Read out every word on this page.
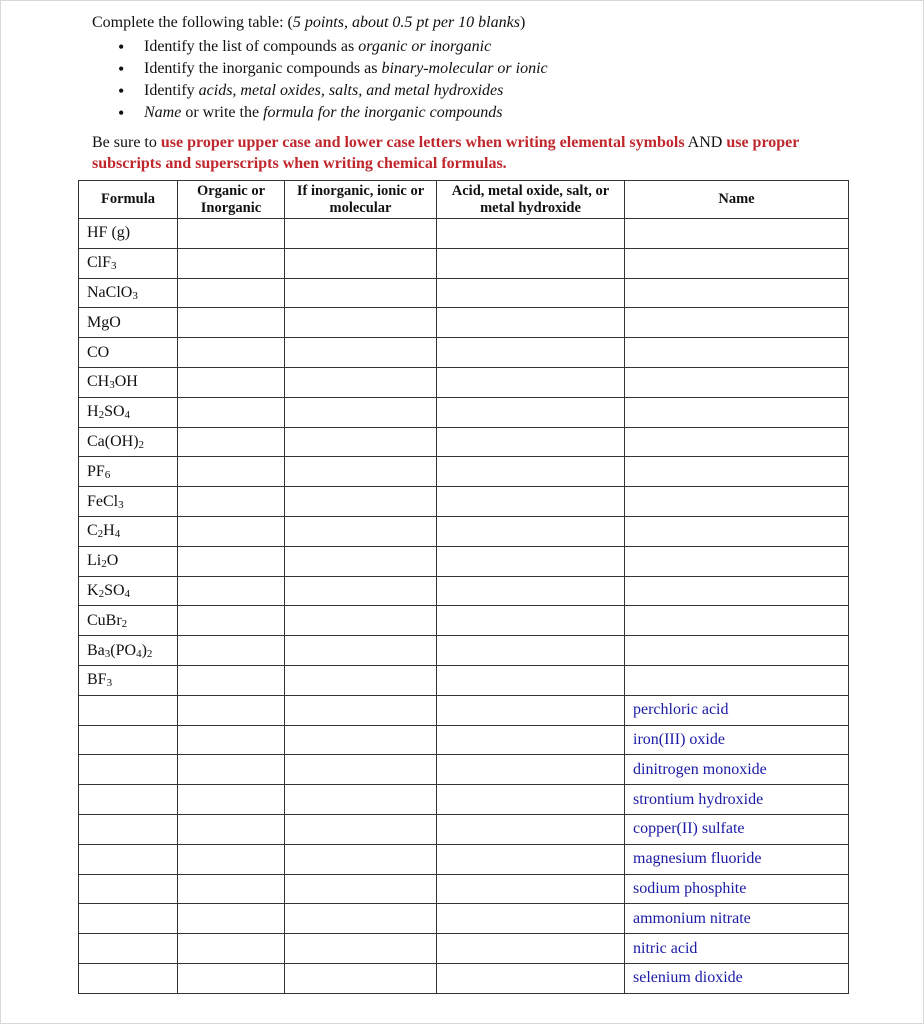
Complete the following table: (5 points, about 0.5 pt per 10 blanks)
• Identify the list of compounds as organic or inorganic
• Identify the inorganic compounds as binary-molecular or ionic
• Identify acids, metal oxides, salts, and metal hydroxides
• Name or write the formula for the inorganic compounds
Be sure to use proper upper case and lower case letters when writing elemental symbols AND use proper subscripts and superscripts when writing chemical formulas.
Formula	Organic or Inorganic	If inorganic, ionic or molecular	Acid, metal oxide, salt, or metal hydroxide	Name
HF (g)				
ClF$_3$				
NaClO$_3$				
MgO				
CO				
$CH_3OH$				
$H_2SO_4$				
$Ca(OH)_2$				
$PF_6$				
FeCl$_3$				
$C_2H_4$				
$Li_2O$				
$K_2SO_4$				
CuBr$_2$				
$Ba_3(PO_4)_2$				
$BF_3$				
				perchloric acid
				iron(III) oxide
				dinitrogen monoxide
				strontium hydroxide
				copper(II) sulfate
				magnesium fluoride
				sodium phosphite
				ammonium nitrate
				nitric acid
				selenium dioxide
